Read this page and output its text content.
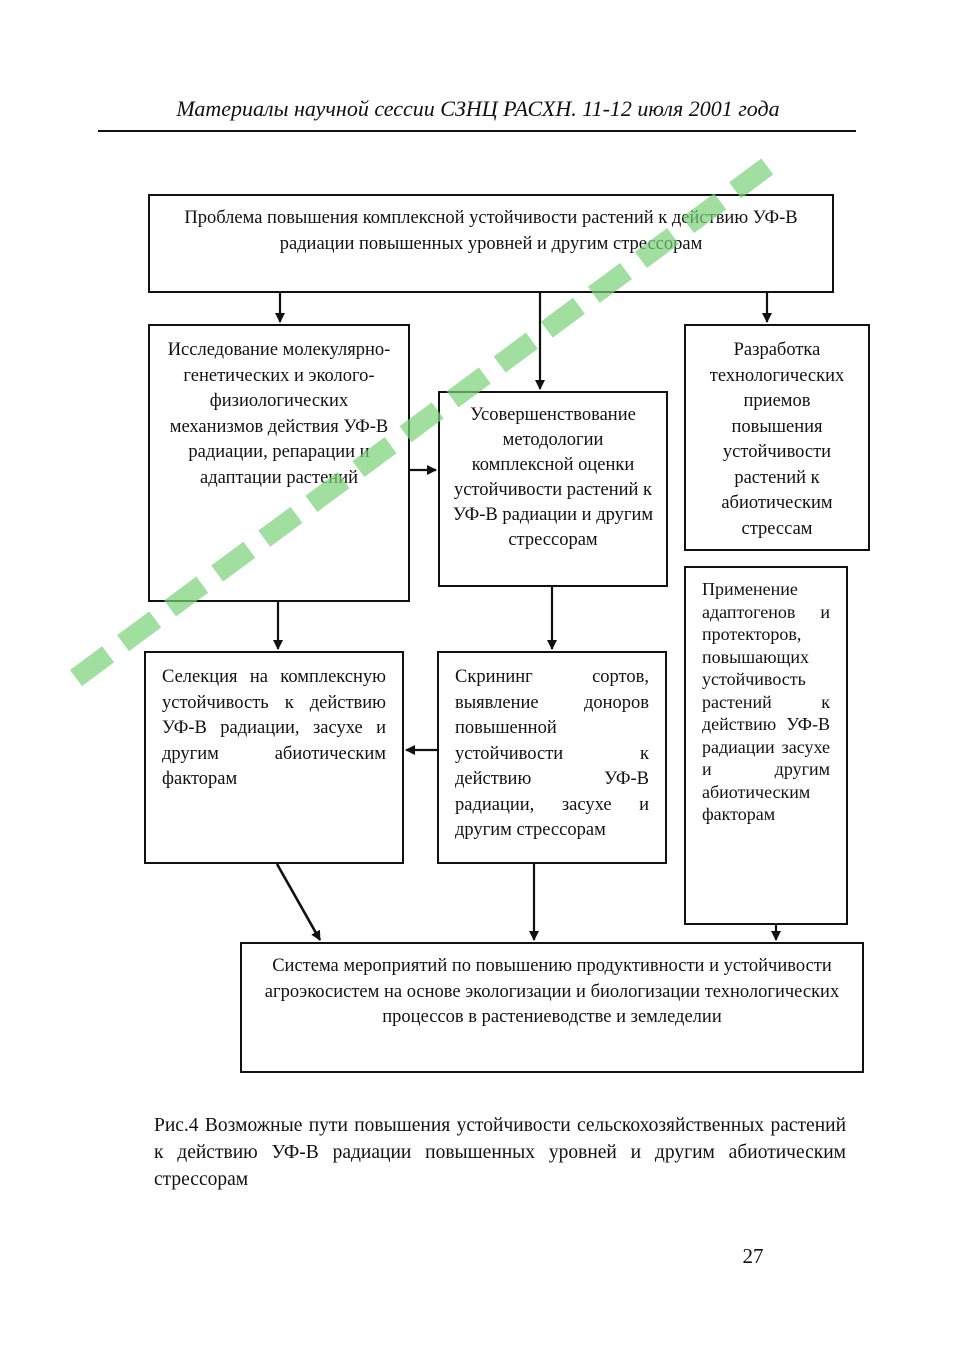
Материалы научной сессии СЗНЦ РАСХН. 11-12 июля 2001 года
Проблема повышения комплексной устойчивости растений к действию УФ-В радиации повышенных уровней и другим стрессорам
Исследование молекулярно-генетических и эколого-физиологических механизмов действия УФ-В радиации, репарации и адаптации растений
Усовершенствование методологии комплексной оценки устойчивости растений к УФ-В радиации и другим стрессорам
Разработка технологических приемов повышения устойчивости растений к абиотическим стрессам
Селекция на комплексную устойчивость к действию УФ-В радиации, засухе и другим абиотическим факторам
Скрининг сортов, выявление доноров повышенной устойчивости к действию УФ-В радиации, засухе и другим стрессорам
Применение адаптогенов и протекторов, повышающих устойчивость растений к действию УФ-В радиации засухе и другим абиотическим факторам
Система мероприятий по повышению продуктивности и устойчивости агроэкосистем на основе экологизации и биологизации технологических процессов в растениеводстве и земледелии
Рис.4 Возможные пути повышения устойчивости сельскохозяйственных растений к действию УФ-В радиации повышенных уровней и другим абиотическим стрессорам
27
